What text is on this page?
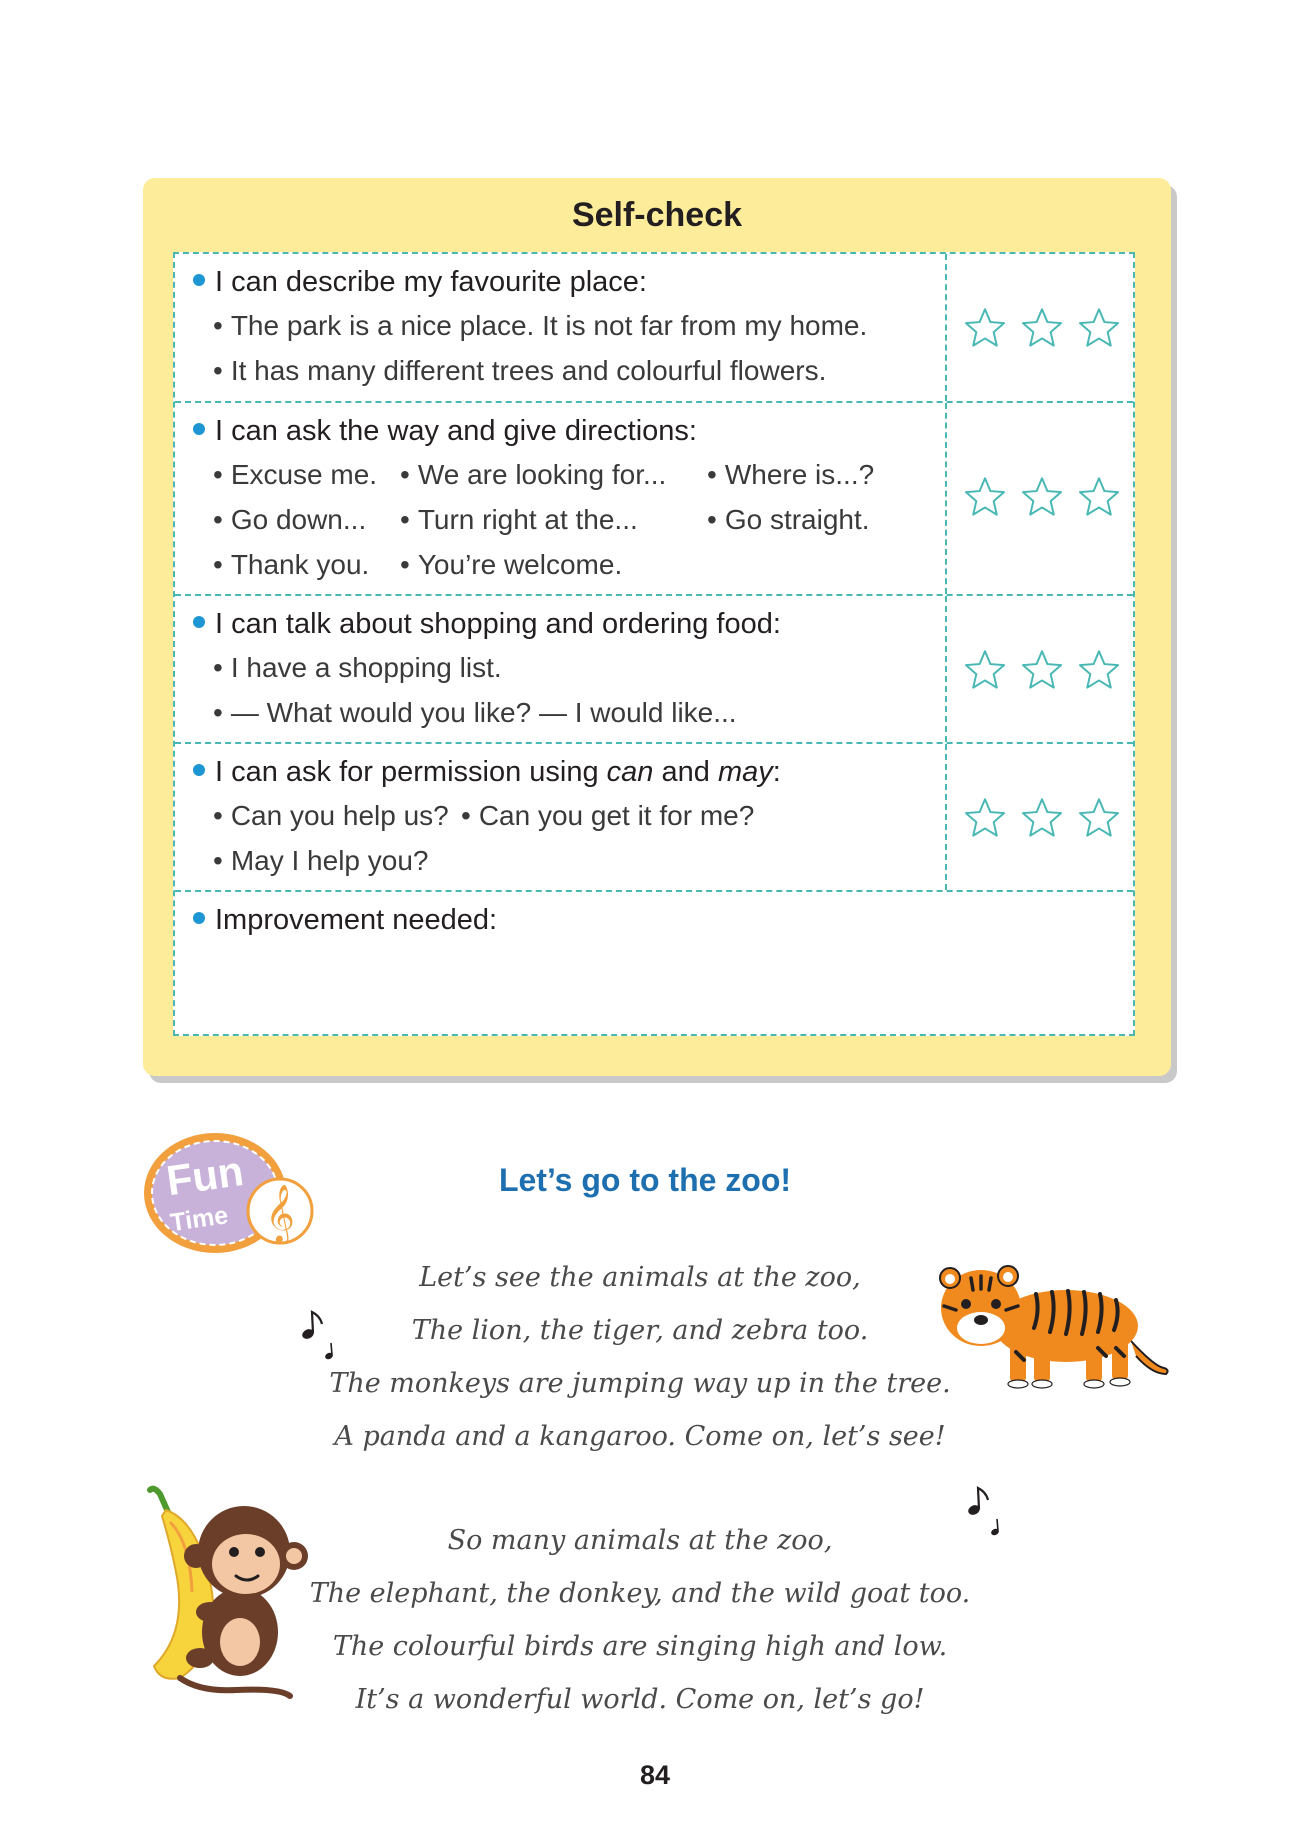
Self-check
I can describe my favourite place:
• The park is a nice place. It is not far from my home.
• It has many different trees and colourful flowers.
I can ask the way and give directions:
• Excuse me.	• We are looking for...	• Where is...?
• Go down...	• Turn right at the...	• Go straight.
• Thank you.	• You’re welcome.
I can talk about shopping and ordering food:
• I have a shopping list.
• — What would you like? — I would like...
I can ask for permission using can and may:
• Can you help us?	• Can you get it for me?
• May I help you?
Improvement needed:
Fun
Time 𝄞
Let’s go to the zoo!
Let’s see the animals at the zoo,
The lion, the tiger, and zebra too.
The monkeys are jumping way up in the tree.
A panda and a kangaroo. Come on, let’s see!
So many animals at the zoo,
The elephant, the donkey, and the wild goat too.
The colourful birds are singing high and low.
It’s a wonderful world. Come on, let’s go!
84
